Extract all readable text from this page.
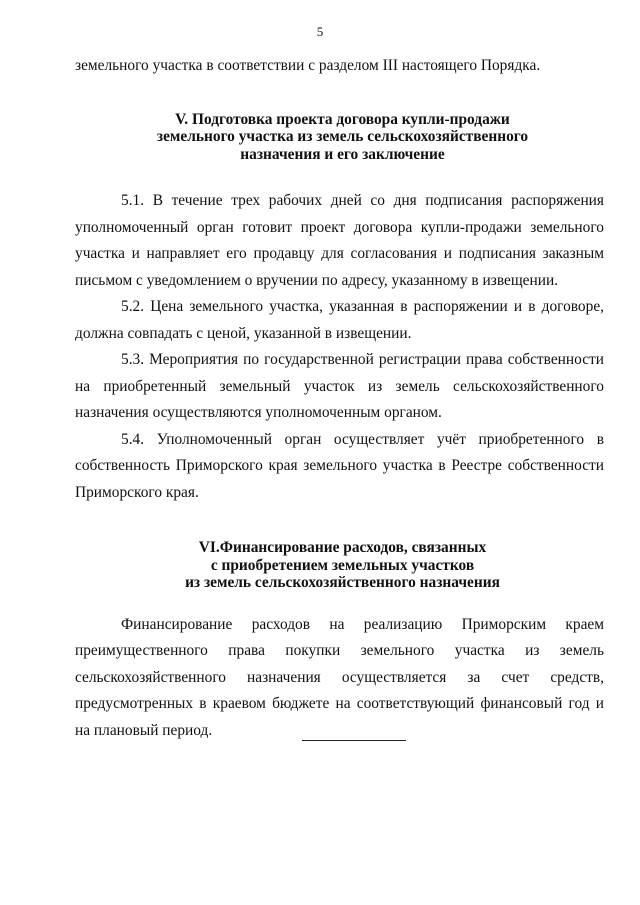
5

земельного участка в соответствии с разделом III настоящего Порядка.

V. Подготовка проекта договора купли-продажи
земельного участка из земель сельскохозяйственного
назначения и его заключение

5.1. В течение трех рабочих дней со дня подписания распоряжения уполномоченный орган готовит проект договора купли-продажи земельного участка и направляет его продавцу для согласования и подписания заказным письмом с уведомлением о вручении по адресу, указанному в извещении.

5.2. Цена земельного участка, указанная в распоряжении и в договоре, должна совпадать с ценой, указанной в извещении.

5.3. Мероприятия по государственной регистрации права собственности на приобретенный земельный участок из земель сельскохозяйственного назначения осуществляются уполномоченным органом.

5.4. Уполномоченный орган осуществляет учёт приобретенного в собственность Приморского края земельного участка в Реестре собственности Приморского края.

VI.Финансирование расходов, связанных
с приобретением земельных участков
из земель сельскохозяйственного назначения

Финансирование расходов на реализацию Приморским краем преимущественного права покупки земельного участка из земель сельскохозяйственного назначения осуществляется за счет средств, предусмотренных в краевом бюджете на соответствующий финансовый год и на плановый период.
